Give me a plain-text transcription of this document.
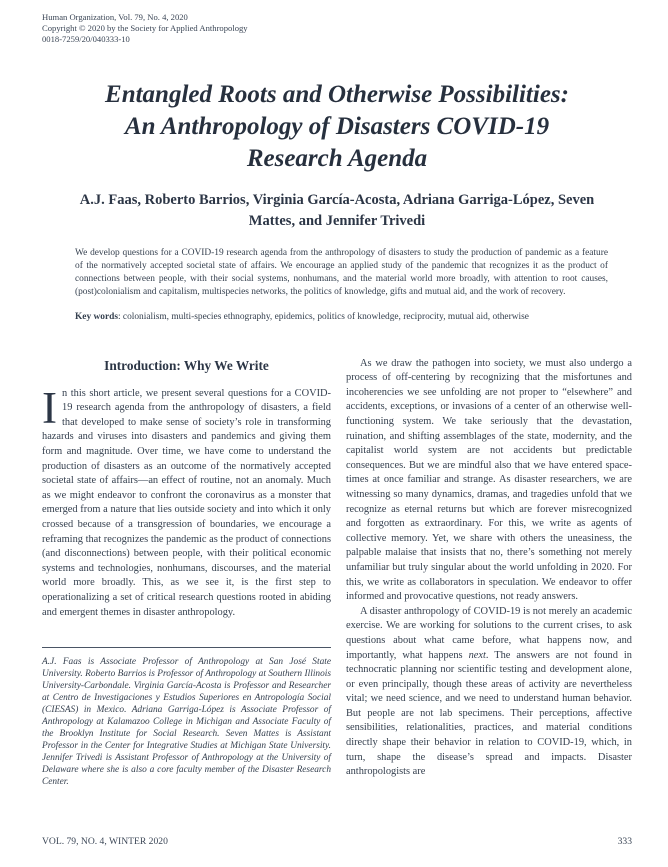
Human Organization, Vol. 79, No. 4, 2020
Copyright © 2020 by the Society for Applied Anthropology
0018-7259/20/040333-10
Entangled Roots and Otherwise Possibilities:
An Anthropology of Disasters COVID-19
Research Agenda
A.J. Faas, Roberto Barrios, Virginia García-Acosta, Adriana Garriga-López, Seven Mattes, and Jennifer Trivedi
We develop questions for a COVID-19 research agenda from the anthropology of disasters to study the production of pandemic as a feature of the normatively accepted societal state of affairs. We encourage an applied study of the pandemic that recognizes it as the product of connections between people, with their social systems, nonhumans, and the material world more broadly, with attention to root causes, (post)colonialism and capitalism, multispecies networks, the politics of knowledge, gifts and mutual aid, and the work of recovery.
Key words: colonialism, multi-species ethnography, epidemics, politics of knowledge, reciprocity, mutual aid, otherwise
Introduction: Why We Write

In this short article, we present several questions for a COVID-19 research agenda from the anthropology of disasters, a field that developed to make sense of society’s role in transforming hazards and viruses into disasters and pandemics and giving them form and magnitude. Over time, we have come to understand the production of disasters as an outcome of the normatively accepted societal state of affairs—an effect of routine, not an anomaly. Much as we might endeavor to confront the coronavirus as a monster that emerged from a nature that lies outside society and into which it only crossed because of a transgression of boundaries, we encourage a reframing that recognizes the pandemic as the product of connections (and disconnections) between people, with their political economic systems and technologies, nonhumans, discourses, and the material world more broadly. This, as we see it, is the first step to operationalizing a set of critical research questions rooted in abiding and emergent themes in disaster anthropology.

A.J. Faas is Associate Professor of Anthropology at San José State University. Roberto Barrios is Professor of Anthropology at Southern Illinois University-Carbondale. Virginia García-Acosta is Professor and Researcher at Centro de Investigaciones y Estudios Superiores en Antropología Social (CIESAS) in Mexico. Adriana Garriga-López is Associate Professor of Anthropology at Kalamazoo College in Michigan and Associate Faculty of the Brooklyn Institute for Social Research. Seven Mattes is Assistant Professor in the Center for Integrative Studies at Michigan State University. Jennifer Trivedi is Assistant Professor of Anthropology at the University of Delaware where she is also a core faculty member of the Disaster Research Center.

As we draw the pathogen into society, we must also undergo a process of off-centering by recognizing that the misfortunes and incoherencies we see unfolding are not proper to “elsewhere” and accidents, exceptions, or invasions of a center of an otherwise well-functioning system. We take seriously that the devastation, ruination, and shifting assemblages of the state, modernity, and the capitalist world system are not accidents but predictable consequences. But we are mindful also that we have entered space-times at once familiar and strange. As disaster researchers, we are witnessing so many dynamics, dramas, and tragedies unfold that we recognize as eternal returns but which are forever misrecognized and forgotten as extraordinary. For this, we write as agents of collective memory. Yet, we share with others the uneasiness, the palpable malaise that insists that no, there’s something not merely unfamiliar but truly singular about the world unfolding in 2020. For this, we write as collaborators in speculation. We endeavor to offer informed and provocative questions, not ready answers.

A disaster anthropology of COVID-19 is not merely an academic exercise. We are working for solutions to the current crises, to ask questions about what came before, what happens now, and importantly, what happens next. The answers are not found in technocratic planning nor scientific testing and development alone, or even principally, though these areas of activity are nevertheless vital; we need science, and we need to understand human behavior. But people are not lab specimens. Their perceptions, affective sensibilities, relationalities, practices, and material conditions directly shape their behavior in relation to COVID-19, which, in turn, shape the disease’s spread and impacts. Disaster anthropologists are

VOL. 79, NO. 4, WINTER 2020	333
